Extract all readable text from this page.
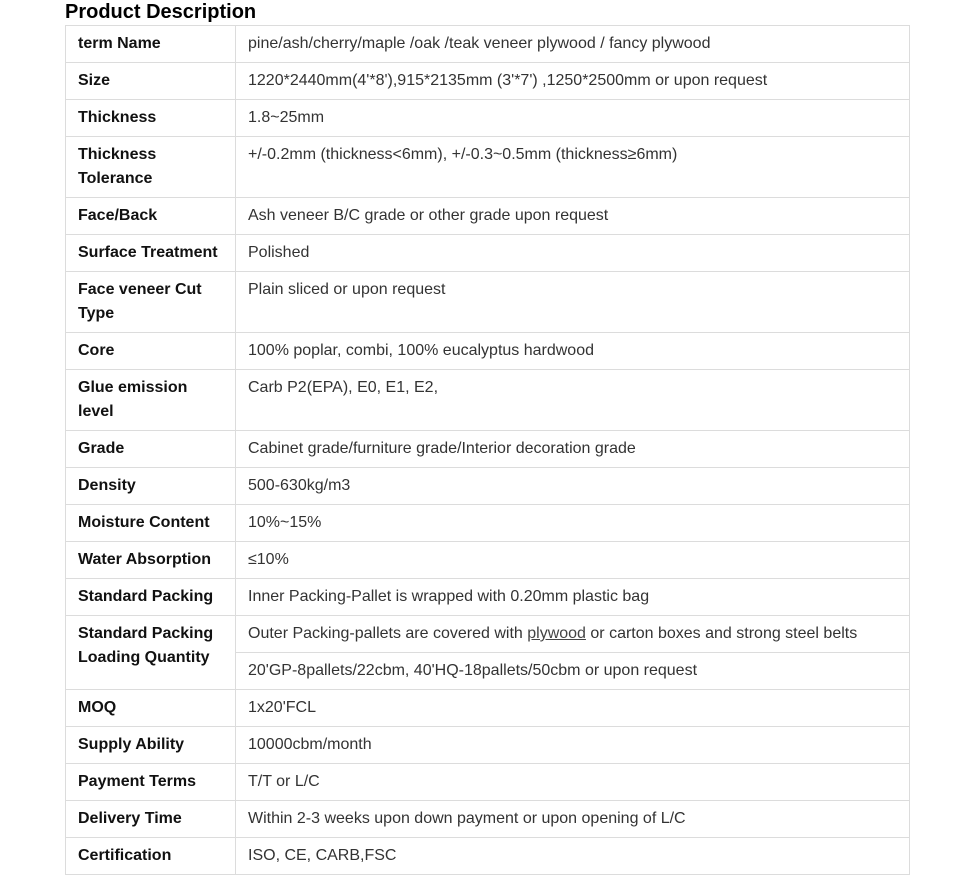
Product Description
term Name	pine/ash/cherry/maple /oak /teak veneer plywood / fancy plywood
Size	1220*2440mm(4'*8'),915*2135mm (3'*7') ,1250*2500mm or upon request
Thickness	1.8~25mm
Thickness Tolerance	+/-0.2mm (thickness<6mm), +/-0.3~0.5mm (thickness≥6mm)
Face/Back	Ash veneer B/C grade or other grade upon request
Surface Treatment	Polished
Face veneer Cut Type	Plain sliced or upon request
Core	100% poplar, combi, 100% eucalyptus hardwood
Glue emission level	Carb P2(EPA), E0, E1, E2,
Grade	Cabinet grade/furniture grade/Interior decoration grade
Density	500-630kg/m3
Moisture Content	10%~15%
Water Absorption	≤10%
Standard Packing	Inner Packing-Pallet is wrapped with 0.20mm plastic bag
Standard Packing Loading Quantity	Outer Packing-pallets are covered with plywood or carton boxes and strong steel belts
	20'GP-8pallets/22cbm, 40'HQ-18pallets/50cbm or upon request
MOQ	1x20'FCL
Supply Ability	10000cbm/month
Payment Terms	T/T or L/C
Delivery Time	Within 2-3 weeks upon down payment or upon opening of L/C
Certification	ISO, CE, CARB,FSC
